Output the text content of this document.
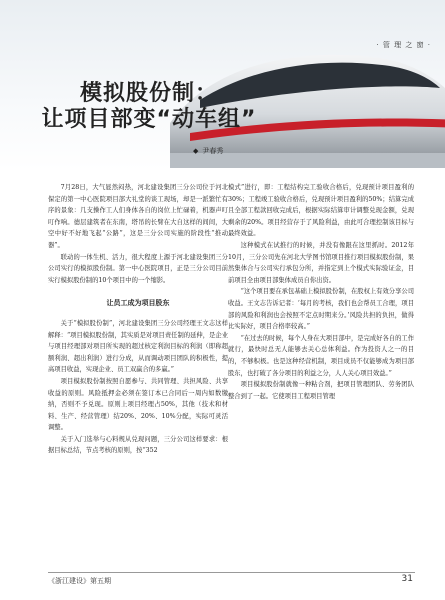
· 管 理 之 窗 ·
模拟股份制：
让项目部变“动车组”
◆ 尹春秀

7月28日，大气显然闷热，河北建设集团三分公司位于河北保定的第一中心医院项目部大礼堂的谈工现场，却是一派繁忙有序的景象：几支操作工人们身体各自的岗位上忙碌着，机器声叮叮作响。德层建筑者在东南，塔吊的长臂在大自这样的间间，大空中好不好地飞起“公路”，这是三分公司实施的阶段性“推动器”。

联动的一体生机、活力，很大程度上源于河北建设集团三分公司实行的模拟股份制。第一中心医院项目，正是三分公司目前实行模拟股份制的10个项目中的一个缩影。

让员工成为项目股东

关于“模拟股份制”，河北建设集团三分公司经理王文志这样解释：“项目模拟股份制，其实质是对项目责任制的延伸，是企业与项目经理部对项目所实现的超过核定利润目标的利润（即称超额利润、超出利润）进行分成，从而调动项目团队的积极性，提高项目收益，实现企业、员工双赢合的多赢。”

项目模拟股份制按照自愿参与、共同管理、共担风险、共享收益的原则。风险抵押金必须在签订本已合同后一周内如数缴纳，否则不予兑现。原则上项目经理占50%，其他（技术和材料、生产、经营管理）结20%、20%、10%分配，实际可灵活调整。

关于入门选举与心料规从兑现问题，三分公司这样要求：根据目标总结，节点考核的原则，按“352

模式”进行，即：工程结构完工验收合格后，兑现预计项目盈利的30%；工程竣工验收合格后，兑现预计项目盈利的50%；结算完成且全部工程款回收完成后，根据实际结算审计调整兑现金额，兑现剩余的20%。项目经营存于了风险利益，由此可合理控制该目标与最终效益。

这种模式在试推行的时候，并没有像跟在这里抓时。2012年10月，三分公司先在河北大学图书馆项目推行项目模拟股份制，果然集体合与公司实行承包分所，并指定到上个模式实际验证金，目前项目全由项目部集体成员自你出资。

“这个项目要在承包基础上模拟股份制，在股权上有效分享公司收益。王文志告诉记者：‘每月的考核，我们也会帮员工合理，项目部的风险和利润也会按照不定点时期来分。’风险共担的负担，做得比实际好，项目合格率较高。”

“在过去的时候，每个人身在大项目部中，是完成好各自的工作就行，最快时总无人能够去关心总体利益。作为投资人之一的目的，不够积极。也是这种经营机制，项目成员不仅能够成为项目部股东，也打破了各分项目的利益之分，人人关心项目效益。”

项目模拟股份制就像一种粘合剂，把项目管理团队、劳务团队整合到了一起。它使项目工程项目管理

《浙江建设》第五期	31
